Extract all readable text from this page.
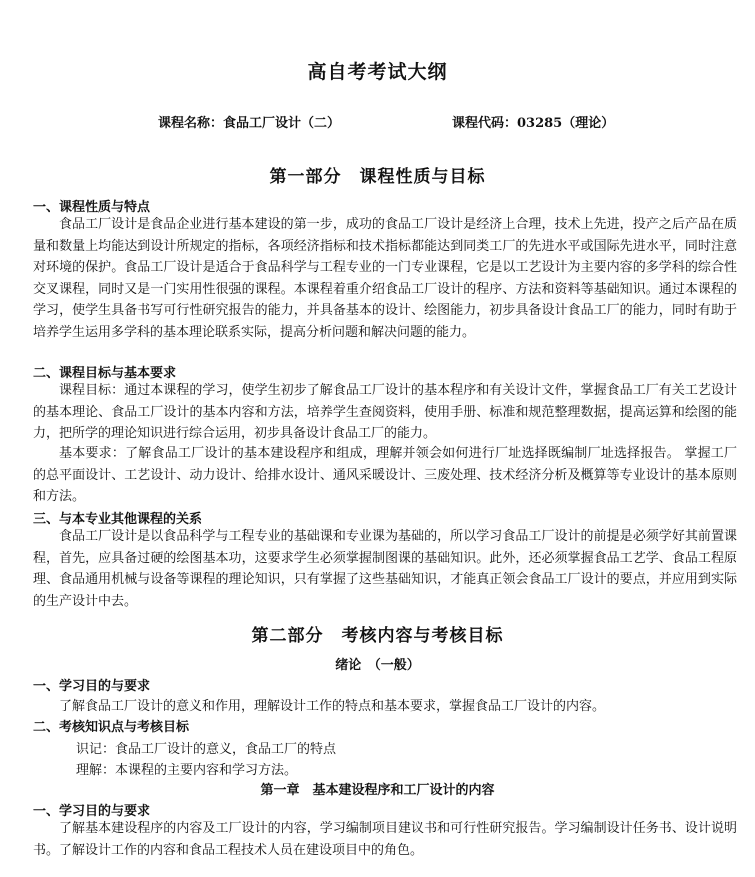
高自考考试大纲
课程名称：食品工厂设计（二）	课程代码：03285（理论）
第一部分　课程性质与目标
一、课程性质与特点

食品工厂设计是食品企业进行基本建设的第一步，成功的食品工厂设计是经济上合理，技术上先进，投产之后产品在质量和数量上均能达到设计所规定的指标，各项经济指标和技术指标都能达到同类工厂的先进水平或国际先进水平，同时注意对环境的保护。食品工厂设计是适合于食品科学与工程专业的一门专业课程，它是以工艺设计为主要内容的多学科的综合性交叉课程，同时又是一门实用性很强的课程。本课程着重介绍食品工厂设计的程序、方法和资料等基础知识。通过本课程的学习，使学生具备书写可行性研究报告的能力，并具备基本的设计、绘图能力，初步具备设计食品工厂的能力，同时有助于培养学生运用多学科的基本理论联系实际，提高分析问题和解决问题的能力。

二、课程目标与基本要求

课程目标：通过本课程的学习，使学生初步了解食品工厂设计的基本程序和有关设计文件，掌握食品工厂有关工艺设计的基本理论、食品工厂设计的基本内容和方法，培养学生查阅资料，使用手册、标准和规范整理数据，提高运算和绘图的能力，把所学的理论知识进行综合运用，初步具备设计食品工厂的能力。

基本要求：了解食品工厂设计的基本建设程序和组成，理解并领会如何进行厂址选择既编制厂址选择报告。 掌握工厂的总平面设计、工艺设计、动力设计、给排水设计、通风采暖设计、三废处理、技术经济分析及概算等专业设计的基本原则和方法。

三、与本专业其他课程的关系

食品工厂设计是以食品科学与工程专业的基础课和专业课为基础的，所以学习食品工厂设计的前提是必须学好其前置课程，首先，应具备过硬的绘图基本功，这要求学生必须掌握制图课的基础知识。此外，还必须掌握食品工艺学、食品工程原理、食品通用机械与设备等课程的理论知识，只有掌握了这些基础知识，才能真正领会食品工厂设计的要点，并应用到实际的生产设计中去。

第二部分　考核内容与考核目标
绪论　（一般）
一、学习目的与要求
了解食品工厂设计的意义和作用，理解设计工作的特点和基本要求，掌握食品工厂设计的内容。
二、考核知识点与考核目标
识记：食品工厂设计的意义，食品工厂的特点
理解：本课程的主要内容和学习方法。
第一章　基本建设程序和工厂设计的内容
一、学习目的与要求

了解基本建设程序的内容及工厂设计的内容，学习编制项目建议书和可行性研究报告。学习编制设计任务书、设计说明书。了解设计工作的内容和食品工程技术人员在建设项目中的角色。
